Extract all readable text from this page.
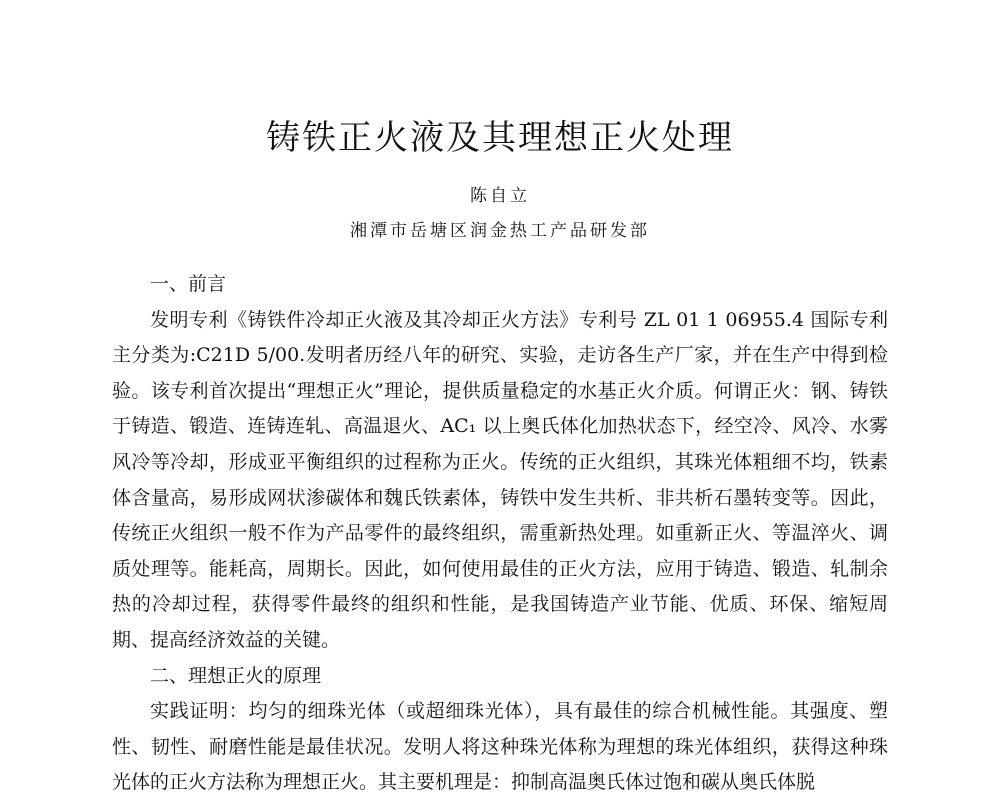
铸铁正火液及其理想正火处理

陈自立

湘潭市岳塘区润金热工产品研发部

一、前言

发明专利《铸铁件冷却正火液及其冷却正火方法》专利号 ZL 01 1 06955.4 国际专利主分类为:C21D 5/00.发明者历经八年的研究、实验，走访各生产厂家，并在生产中得到检验。该专利首次提出“理想正火”理论，提供质量稳定的水基正火介质。何谓正火：钢、铸铁于铸造、锻造、连铸连轧、高温退火、AC₁ 以上奥氏体化加热状态下，经空冷、风冷、水雾风冷等冷却，形成亚平衡组织的过程称为正火。传统的正火组织，其珠光体粗细不均，铁素体含量高，易形成网状渗碳体和魏氏铁素体，铸铁中发生共析、非共析石墨转变等。因此，传统正火组织一般不作为产品零件的最终组织，需重新热处理。如重新正火、等温淬火、调质处理等。能耗高，周期长。因此，如何使用最佳的正火方法，应用于铸造、锻造、轧制余热的冷却过程，获得零件最终的组织和性能，是我国铸造产业节能、优质、环保、缩短周期、提高经济效益的关键。

二、理想正火的原理

实践证明：均匀的细珠光体（或超细珠光体），具有最佳的综合机械性能。其强度、塑性、韧性、耐磨性能是最佳状况。发明人将这种珠光体称为理想的珠光体组织，获得这种珠光体的正火方法称为理想正火。其主要机理是：抑制高温奥氏体过饱和碳从奥氏体脱
